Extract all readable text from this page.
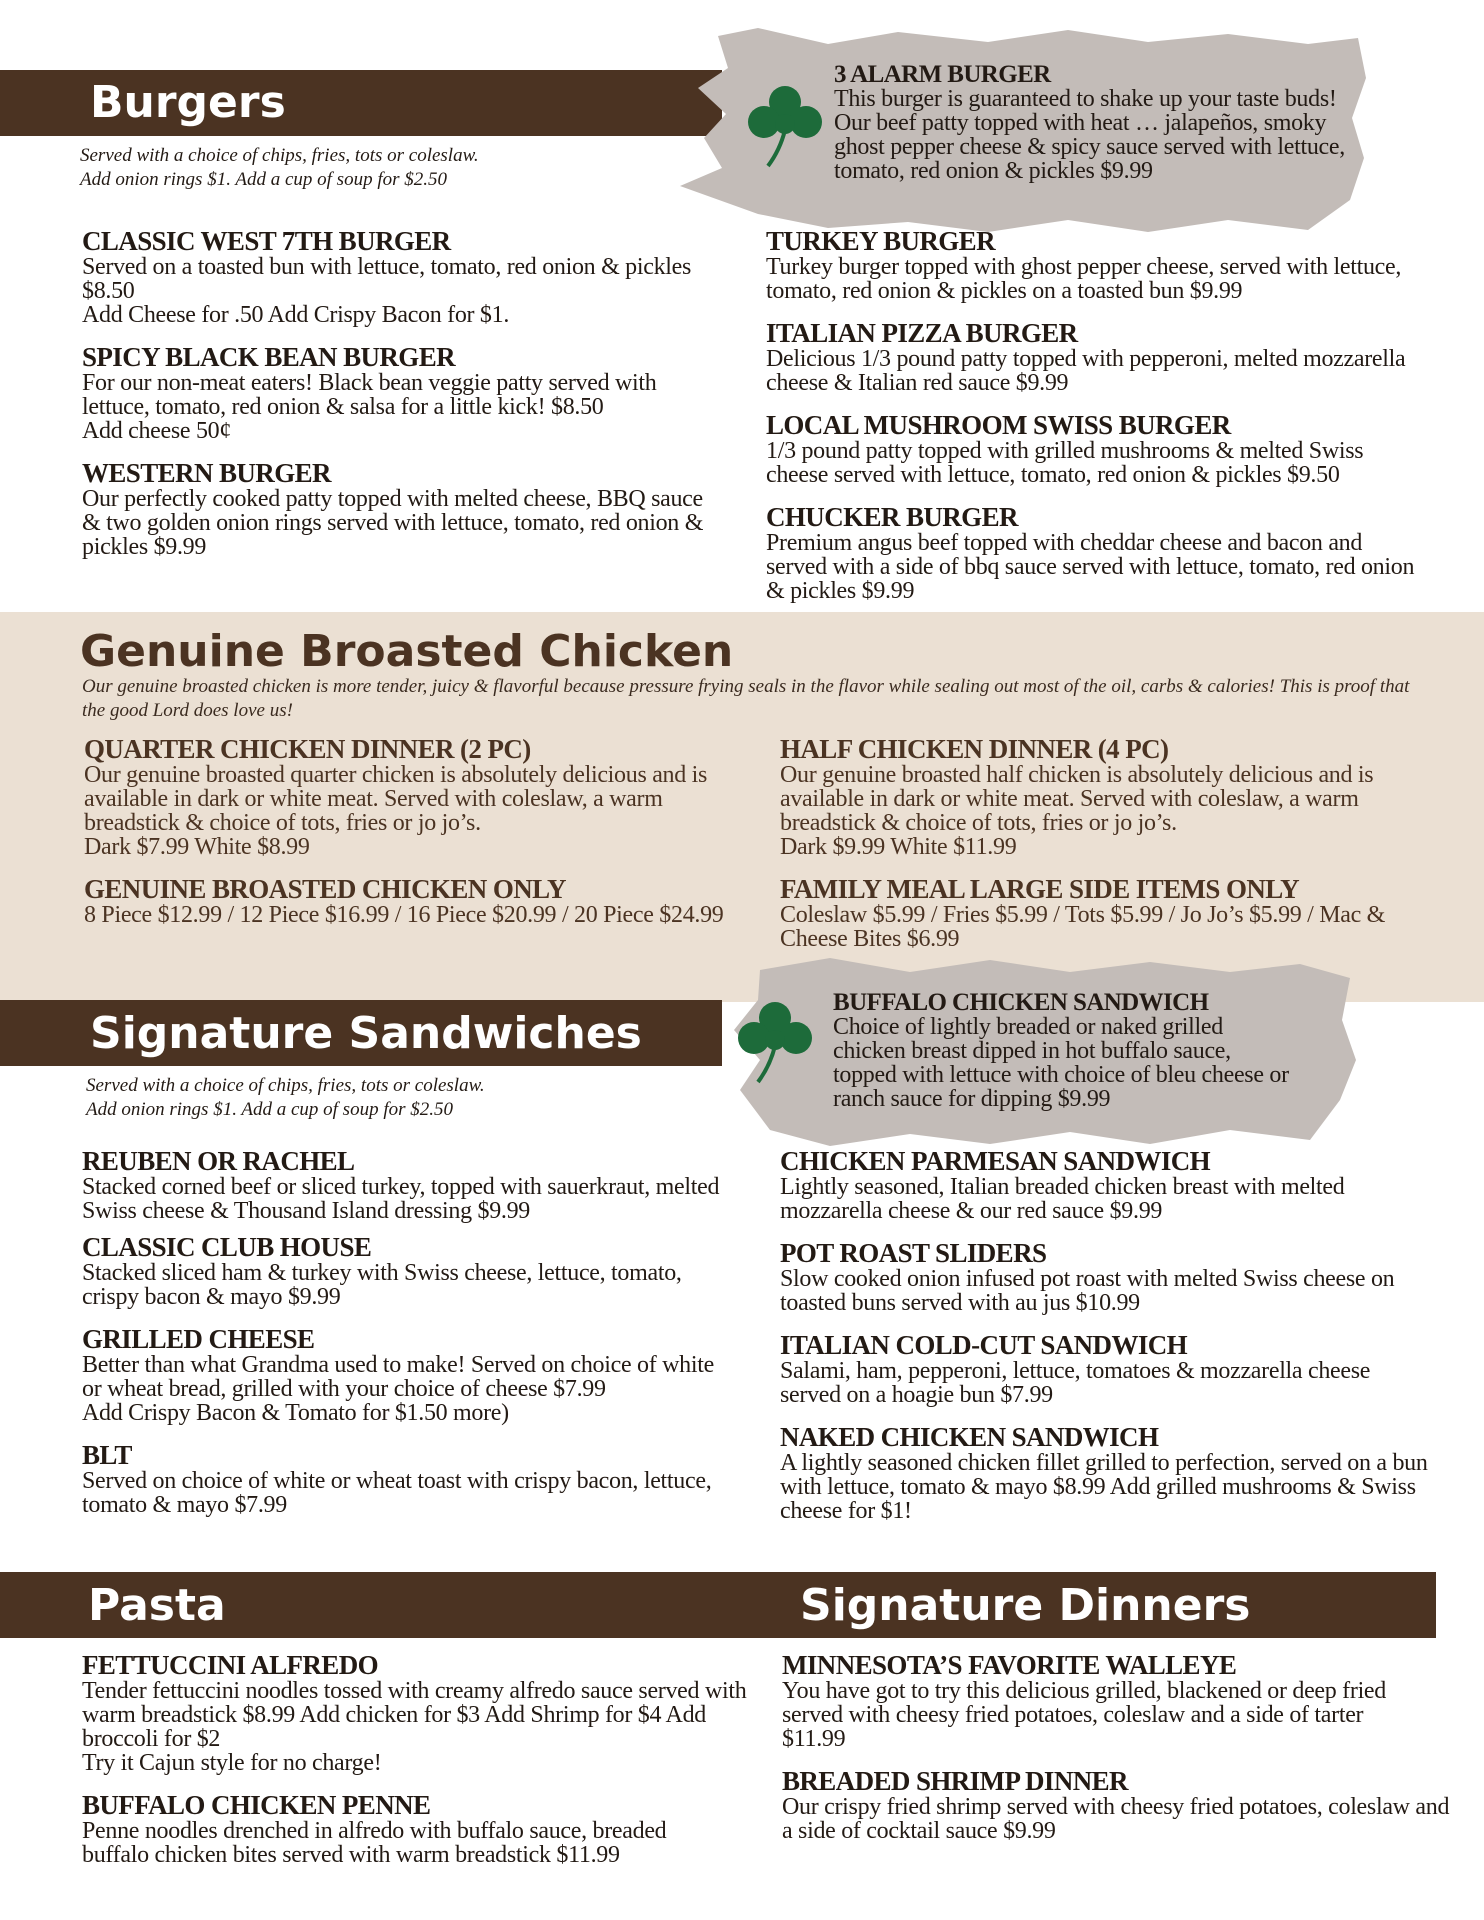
Burgers
Served with a choice of chips, fries, tots or coleslaw.
Add onion rings $1. Add a cup of soup for $2.50
3 ALARM BURGER
This burger is guaranteed to shake up your taste buds! Our beef patty topped with heat … jalapeños, smoky ghost pepper cheese & spicy sauce served with lettuce, tomato, red onion & pickles $9.99
CLASSIC WEST 7TH BURGER
Served on a toasted bun with lettuce, tomato, red onion & pickles $8.50
Add Cheese for .50 Add Crispy Bacon for $1.
SPICY BLACK BEAN BURGER
For our non-meat eaters! Black bean veggie patty served with lettuce, tomato, red onion & salsa for a little kick! $8.50
Add cheese 50¢
WESTERN BURGER
Our perfectly cooked patty topped with melted cheese, BBQ sauce & two golden onion rings served with lettuce, tomato, red onion & pickles $9.99
TURKEY BURGER
Turkey burger topped with ghost pepper cheese, served with lettuce, tomato, red onion & pickles on a toasted bun $9.99
ITALIAN PIZZA BURGER
Delicious 1/3 pound patty topped with pepperoni, melted mozzarella cheese & Italian red sauce $9.99
LOCAL MUSHROOM SWISS BURGER
1/3 pound patty topped with grilled mushrooms & melted Swiss cheese served with lettuce, tomato, red onion & pickles $9.50
CHUCKER BURGER
Premium angus beef topped with cheddar cheese and bacon and served with a side of bbq sauce served with lettuce, tomato, red onion & pickles $9.99
Genuine Broasted Chicken
Our genuine broasted chicken is more tender, juicy & flavorful because pressure frying seals in the flavor while sealing out most of the oil, carbs & calories! This is proof that the good Lord does love us!
QUARTER CHICKEN DINNER (2 PC)
Our genuine broasted quarter chicken is absolutely delicious and is available in dark or white meat. Served with coleslaw, a warm breadstick & choice of tots, fries or jo jo’s.
Dark $7.99 White $8.99
GENUINE BROASTED CHICKEN ONLY
8 Piece $12.99 / 12 Piece $16.99 / 16 Piece $20.99 / 20 Piece $24.99
HALF CHICKEN DINNER (4 PC)
Our genuine broasted half chicken is absolutely delicious and is available in dark or white meat. Served with coleslaw, a warm breadstick & choice of tots, fries or jo jo’s.
Dark $9.99 White $11.99
FAMILY MEAL LARGE SIDE ITEMS ONLY
Coleslaw $5.99 / Fries $5.99 / Tots $5.99 / Jo Jo’s $5.99 / Mac & Cheese Bites $6.99
Signature Sandwiches
Served with a choice of chips, fries, tots or coleslaw.
Add onion rings $1. Add a cup of soup for $2.50
BUFFALO CHICKEN SANDWICH
Choice of lightly breaded or naked grilled chicken breast dipped in hot buffalo sauce, topped with lettuce with choice of bleu cheese or ranch sauce for dipping $9.99
REUBEN OR RACHEL
Stacked corned beef or sliced turkey, topped with sauerkraut, melted Swiss cheese & Thousand Island dressing $9.99
CLASSIC CLUB HOUSE
Stacked sliced ham & turkey with Swiss cheese, lettuce, tomato, crispy bacon & mayo $9.99
GRILLED CHEESE
Better than what Grandma used to make! Served on choice of white or wheat bread, grilled with your choice of cheese $7.99
Add Crispy Bacon & Tomato for $1.50 more)
BLT
Served on choice of white or wheat toast with crispy bacon, lettuce, tomato & mayo $7.99
CHICKEN PARMESAN SANDWICH
Lightly seasoned, Italian breaded chicken breast with melted mozzarella cheese & our red sauce $9.99
POT ROAST SLIDERS
Slow cooked onion infused pot roast with melted Swiss cheese on toasted buns served with au jus $10.99
ITALIAN COLD-CUT SANDWICH
Salami, ham, pepperoni, lettuce, tomatoes & mozzarella cheese served on a hoagie bun $7.99
NAKED CHICKEN SANDWICH
A lightly seasoned chicken fillet grilled to perfection, served on a bun with lettuce, tomato & mayo $8.99 Add grilled mushrooms & Swiss cheese for $1!
Pasta	Signature Dinners
FETTUCCINI ALFREDO
Tender fettuccini noodles tossed with creamy alfredo sauce served with warm breadstick $8.99 Add chicken for $3 Add Shrimp for $4 Add broccoli for $2
Try it Cajun style for no charge!
BUFFALO CHICKEN PENNE
Penne noodles drenched in alfredo with buffalo sauce, breaded buffalo chicken bites served with warm breadstick $11.99
MINNESOTA’S FAVORITE WALLEYE
You have got to try this delicious grilled, blackened or deep fried served with cheesy fried potatoes, coleslaw and a side of tarter $11.99
BREADED SHRIMP DINNER
Our crispy fried shrimp served with cheesy fried potatoes, coleslaw and a side of cocktail sauce $9.99
